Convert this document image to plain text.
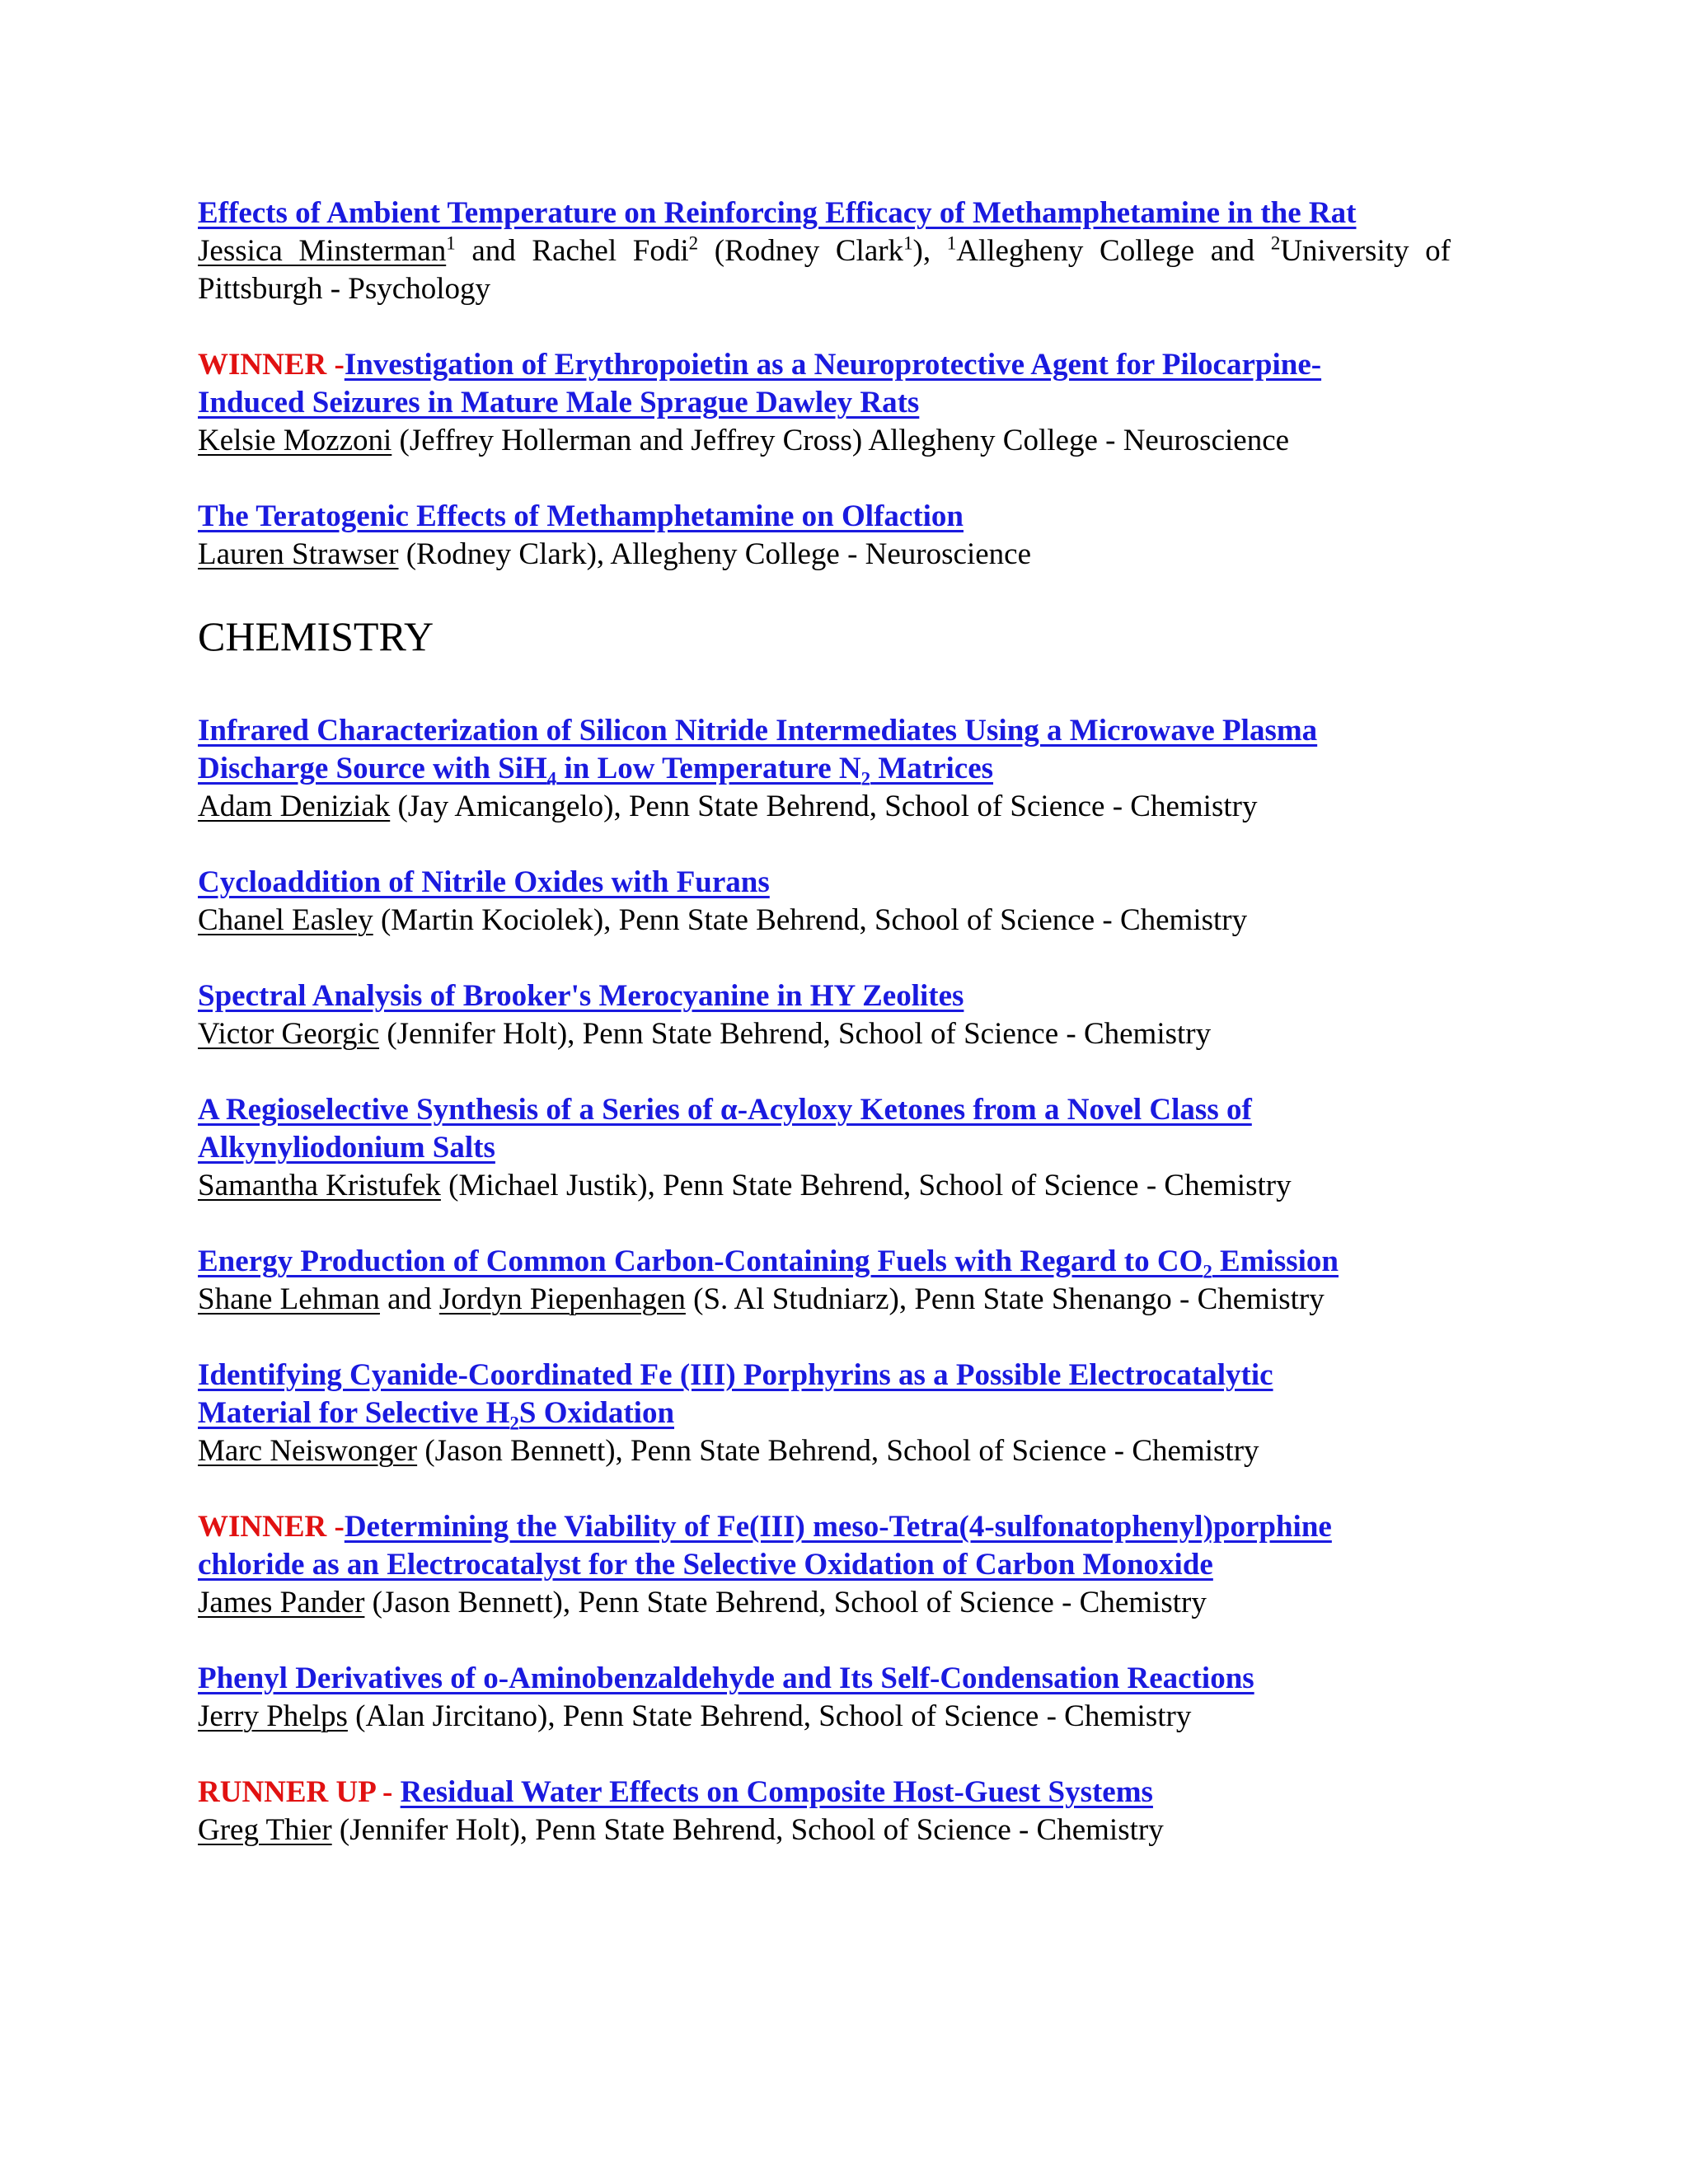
Effects of Ambient Temperature on Reinforcing Efficacy of Methamphetamine in the Rat
Jessica Minsterman$^1$ and Rachel Fodi$^2$ (Rodney Clark$^1$), $^1$Allegheny College and $^2$University of Pittsburgh - Psychology
WINNER -Investigation of Erythropoietin as a Neuroprotective Agent for Pilocarpine-
Induced Seizures in Mature Male Sprague Dawley Rats
Kelsie Mozzoni (Jeffrey Hollerman and Jeffrey Cross) Allegheny College - Neuroscience
The Teratogenic Effects of Methamphetamine on Olfaction
Lauren Strawser (Rodney Clark), Allegheny College - Neuroscience
CHEMISTRY
Infrared Characterization of Silicon Nitride Intermediates Using a Microwave Plasma
Discharge Source with SiH$_4$ in Low Temperature $N_2$ Matrices
Adam Deniziak (Jay Amicangelo), Penn State Behrend, School of Science - Chemistry
Cycloaddition of Nitrile Oxides with Furans
Chanel Easley (Martin Kociolek), Penn State Behrend, School of Science - Chemistry
Spectral Analysis of Brooker's Merocyanine in HY Zeolites
Victor Georgic (Jennifer Holt), Penn State Behrend, School of Science - Chemistry
A Regioselective Synthesis of a Series of α-Acyloxy Ketones from a Novel Class of
Alkynyliodonium Salts
Samantha Kristufek (Michael Justik), Penn State Behrend, School of Science - Chemistry
Energy Production of Common Carbon-Containing Fuels with Regard to $CO_2$ Emission
Shane Lehman and Jordyn Piepenhagen (S. Al Studniarz), Penn State Shenango - Chemistry
Identifying Cyanide-Coordinated Fe (III) Porphyrins as a Possible Electrocatalytic
Material for Selective $H_2S$ Oxidation
Marc Neiswonger (Jason Bennett), Penn State Behrend, School of Science - Chemistry
WINNER -Determining the Viability of Fe(III) meso-Tetra(4-sulfonatophenyl)porphine
chloride as an Electrocatalyst for the Selective Oxidation of Carbon Monoxide
James Pander (Jason Bennett), Penn State Behrend, School of Science - Chemistry
Phenyl Derivatives of o-Aminobenzaldehyde and Its Self-Condensation Reactions
Jerry Phelps (Alan Jircitano), Penn State Behrend, School of Science - Chemistry
RUNNER UP - Residual Water Effects on Composite Host-Guest Systems
Greg Thier (Jennifer Holt), Penn State Behrend, School of Science - Chemistry
